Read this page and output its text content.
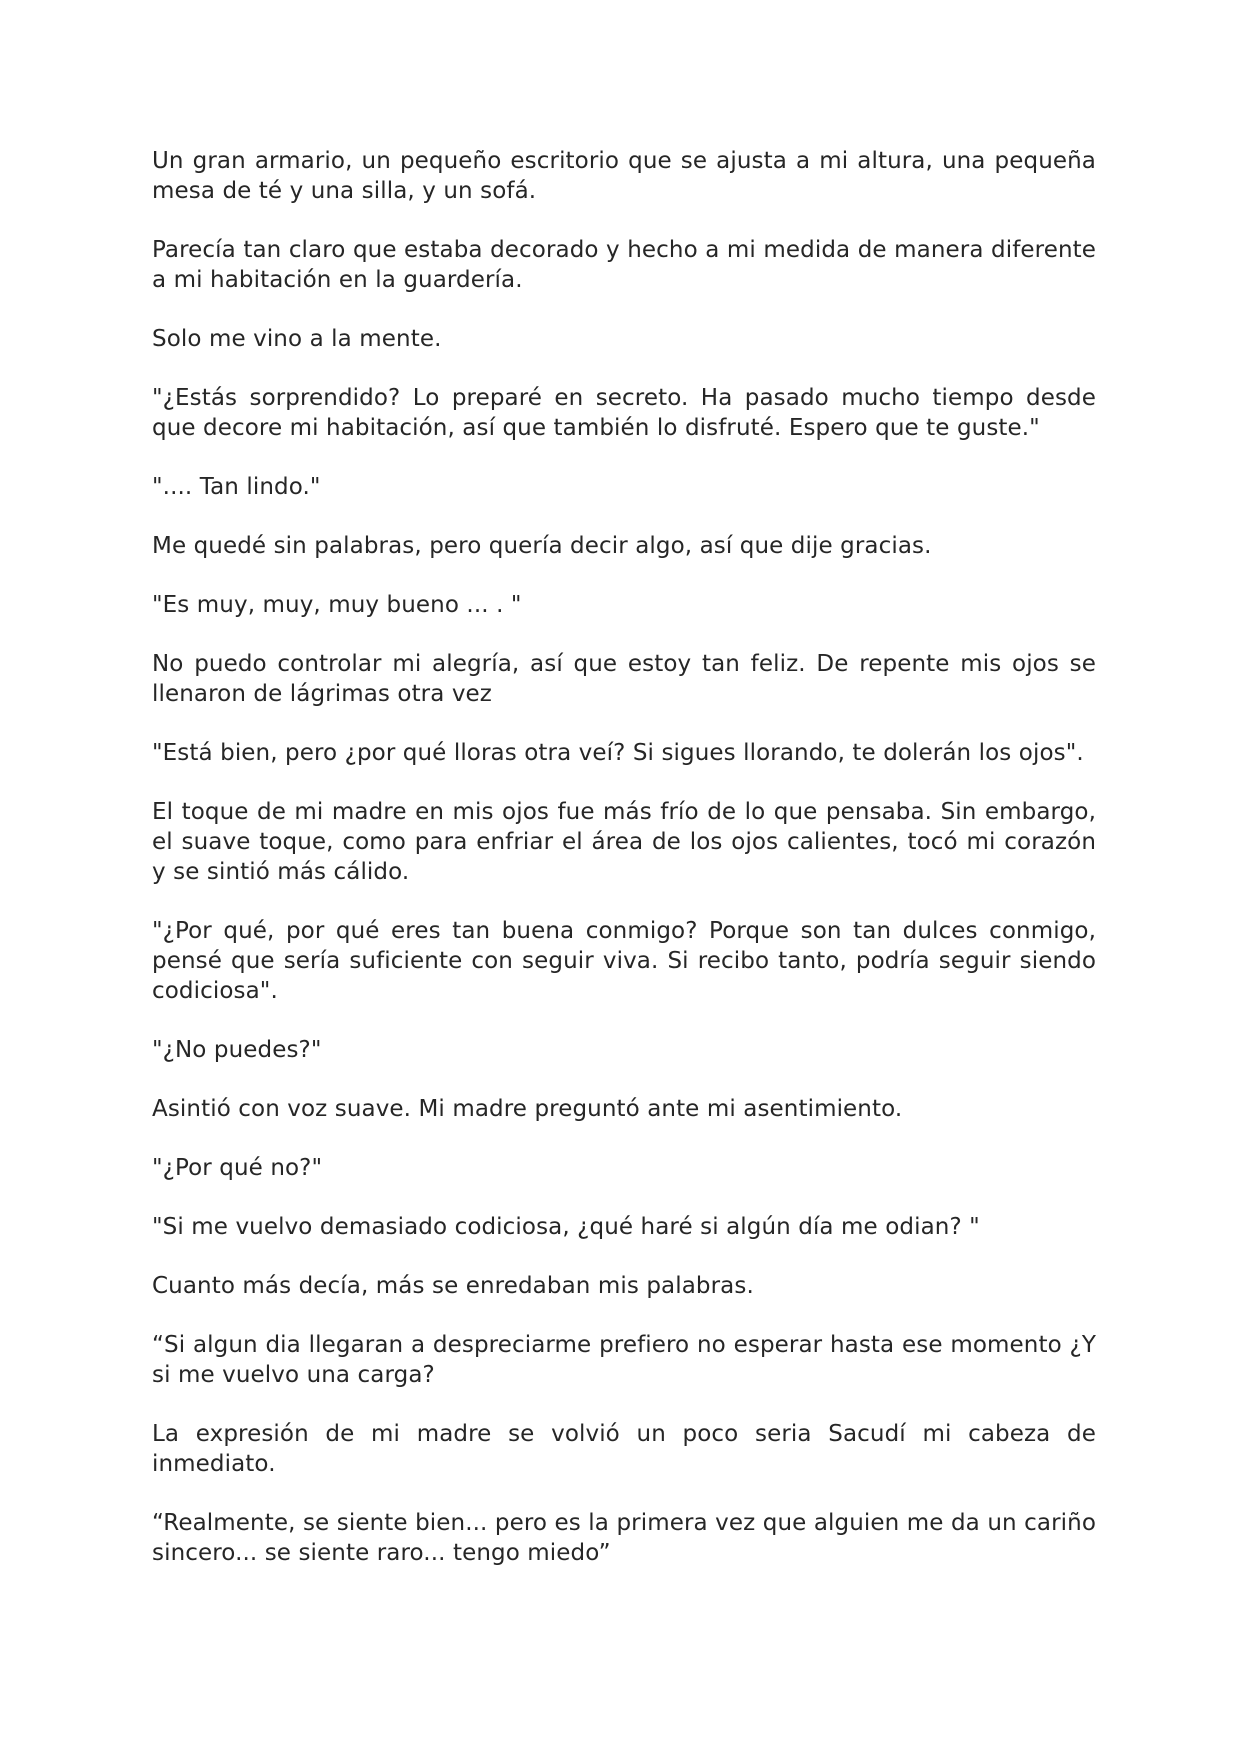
Un gran armario, un pequeño escritorio que se ajusta a mi altura, una pequeña mesa de té y una silla, y un sofá.

Parecía tan claro que estaba decorado y hecho a mi medida de manera diferente a mi habitación en la guardería.

Solo me vino a la mente.

"¿Estás sorprendido? Lo preparé en secreto. Ha pasado mucho tiempo desde que decore mi habitación, así que también lo disfruté. Espero que te guste."

".... Tan lindo."

Me quedé sin palabras, pero quería decir algo, así que dije gracias.

"Es muy, muy, muy bueno ... . "

No puedo controlar mi alegría, así que estoy tan feliz. De repente mis ojos se llenaron de lágrimas otra vez

"Está bien, pero ¿por qué lloras otra veí? Si sigues llorando, te dolerán los ojos".

El toque de mi madre en mis ojos fue más frío de lo que pensaba. Sin embargo, el suave toque, como para enfriar el área de los ojos calientes, tocó mi corazón y se sintió más cálido.

"¿Por qué, por qué eres tan buena conmigo? Porque son tan dulces conmigo, pensé que sería suficiente con seguir viva. Si recibo tanto, podría seguir siendo codiciosa".

"¿No puedes?"

Asintió con voz suave. Mi madre preguntó ante mi asentimiento.

"¿Por qué no?"

"Si me vuelvo demasiado codiciosa, ¿qué haré si algún día me odian? "

Cuanto más decía, más se enredaban mis palabras.

“Si algun dia llegaran a despreciarme prefiero no esperar hasta ese momento ¿Y si me vuelvo una carga?

La expresión de mi madre se volvió un poco seria Sacudí mi cabeza de inmediato.

“Realmente, se siente bien... pero es la primera vez que alguien me da un cariño sincero... se siente raro... tengo miedo”
